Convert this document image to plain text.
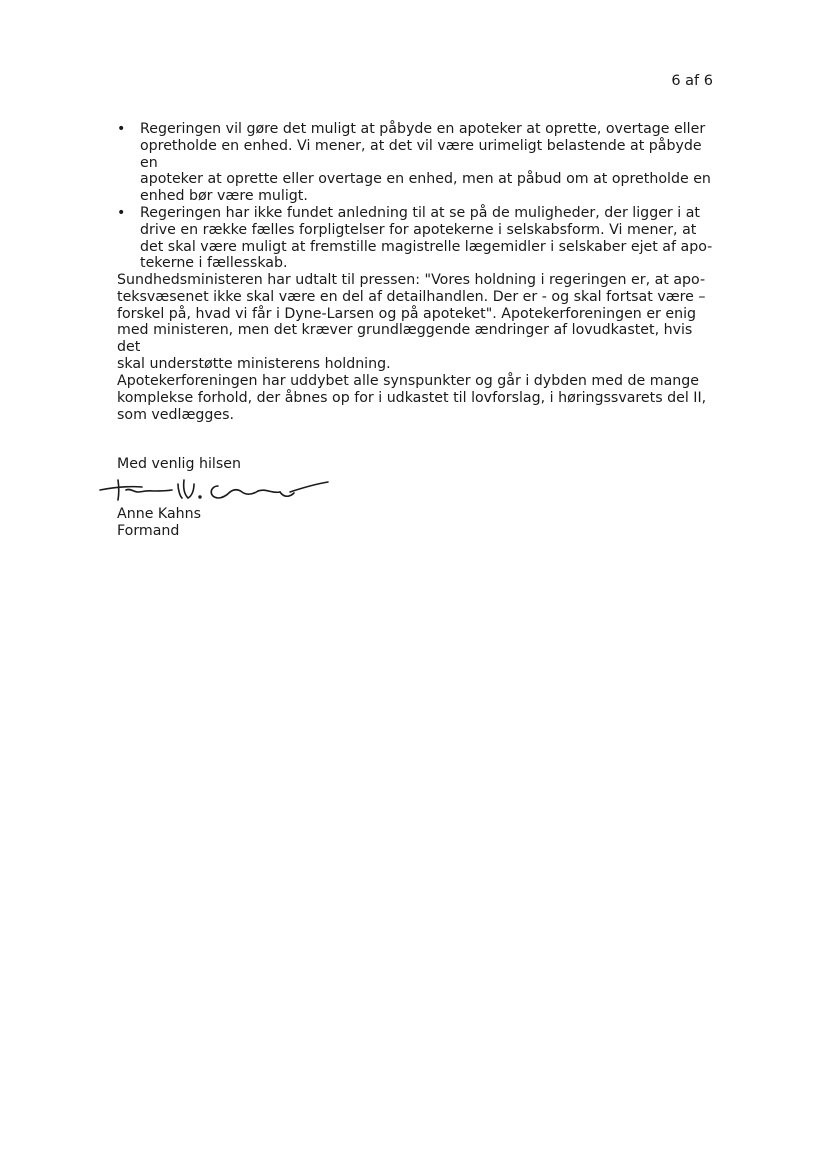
6 af 6
• Regeringen vil gøre det muligt at påbyde en apoteker at oprette, overtage eller
opretholde en enhed. Vi mener, at det vil være urimeligt belastende at påbyde en
apoteker at oprette eller overtage en enhed, men at påbud om at opretholde en
enhed bør være muligt.
• Regeringen har ikke fundet anledning til at se på de muligheder, der ligger i at
drive en række fælles forpligtelser for apotekerne i selskabsform. Vi mener, at
det skal være muligt at fremstille magistrelle lægemidler i selskaber ejet af apo-
tekerne i fællesskab.
Sundhedsministeren har udtalt til pressen: "Vores holdning i regeringen er, at apo-
teksvæsenet ikke skal være en del af detailhandlen. Der er - og skal fortsat være –
forskel på, hvad vi får i Dyne-Larsen og på apoteket". Apotekerforeningen er enig
med ministeren, men det kræver grundlæggende ændringer af lovudkastet, hvis det
skal understøtte ministerens holdning.
Apotekerforeningen har uddybet alle synspunkter og går i dybden med de mange
komplekse forhold, der åbnes op for i udkastet til lovforslag, i høringssvarets del II,
som vedlægges.
Med venlig hilsen
Anne Kahns
Formand
